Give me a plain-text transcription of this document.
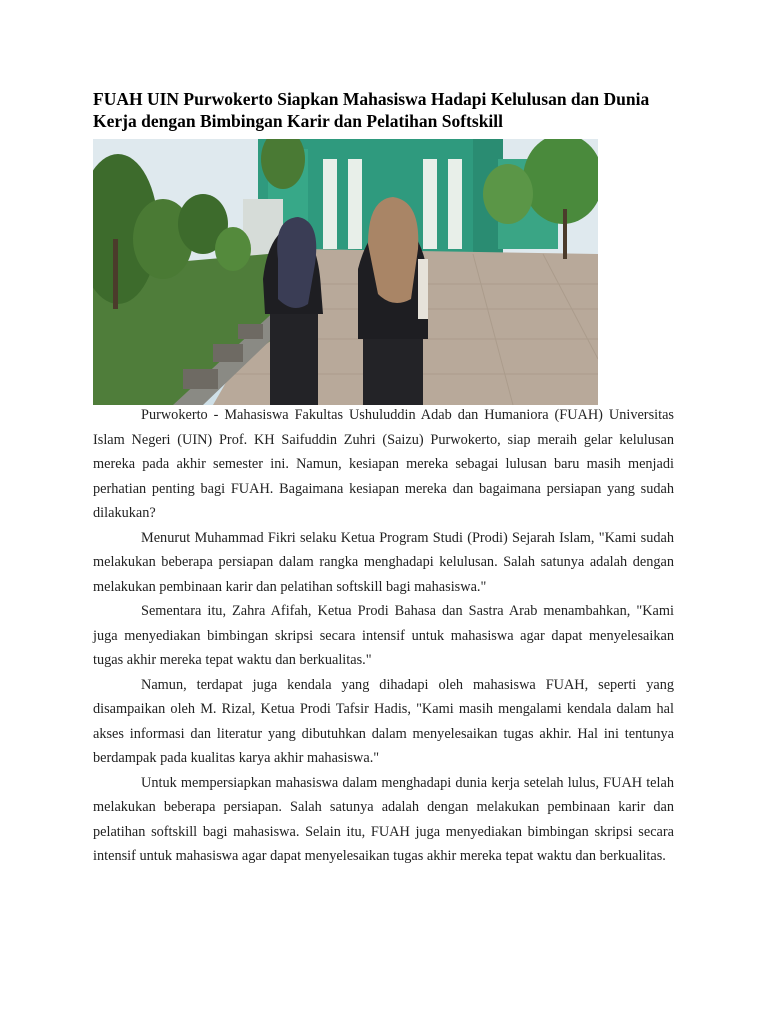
FUAH UIN Purwokerto Siapkan Mahasiswa Hadapi Kelulusan dan Dunia Kerja dengan Bimbingan Karir dan Pelatihan Softskill

Purwokerto - Mahasiswa Fakultas Ushuluddin Adab dan Humaniora (FUAH) Universitas Islam Negeri (UIN) Prof. KH Saifuddin Zuhri (Saizu) Purwokerto, siap meraih gelar kelulusan mereka pada akhir semester ini. Namun, kesiapan mereka sebagai lulusan baru masih menjadi perhatian penting bagi FUAH. Bagaimana kesiapan mereka dan bagaimana persiapan yang sudah dilakukan?

Menurut Muhammad Fikri selaku Ketua Program Studi (Prodi) Sejarah Islam, "Kami sudah melakukan beberapa persiapan dalam rangka menghadapi kelulusan. Salah satunya adalah dengan melakukan pembinaan karir dan pelatihan softskill bagi mahasiswa."

Sementara itu, Zahra Afifah, Ketua Prodi Bahasa dan Sastra Arab menambahkan, "Kami juga menyediakan bimbingan skripsi secara intensif untuk mahasiswa agar dapat menyelesaikan tugas akhir mereka tepat waktu dan berkualitas."

Namun, terdapat juga kendala yang dihadapi oleh mahasiswa FUAH, seperti yang disampaikan oleh M. Rizal, Ketua Prodi Tafsir Hadis, "Kami masih mengalami kendala dalam hal akses informasi dan literatur yang dibutuhkan dalam menyelesaikan tugas akhir. Hal ini tentunya berdampak pada kualitas karya akhir mahasiswa."

Untuk mempersiapkan mahasiswa dalam menghadapi dunia kerja setelah lulus, FUAH telah melakukan beberapa persiapan. Salah satunya adalah dengan melakukan pembinaan karir dan pelatihan softskill bagi mahasiswa. Selain itu, FUAH juga menyediakan bimbingan skripsi secara intensif untuk mahasiswa agar dapat menyelesaikan tugas akhir mereka tepat waktu dan berkualitas.
